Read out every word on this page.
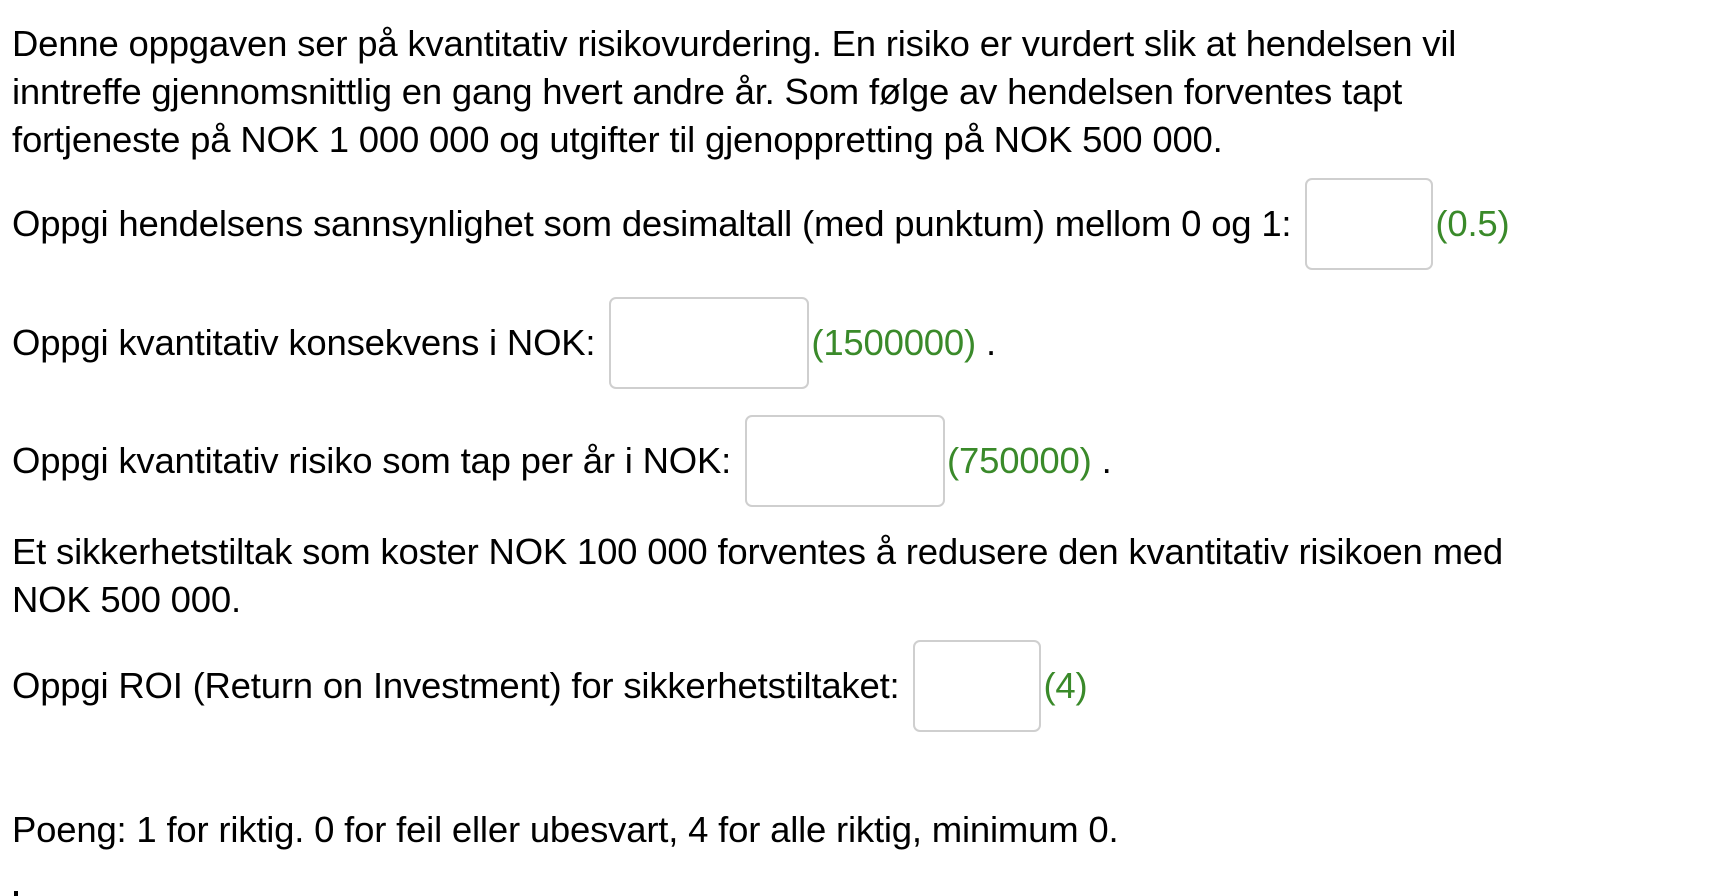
Denne oppgaven ser på kvantitativ risikovurdering. En risiko er vurdert slik at hendelsen vil
inntreffe gjennomsnittlig en gang hvert andre år. Som følge av hendelsen forventes tapt
fortjeneste på NOK 1 000 000 og utgifter til gjenoppretting på NOK 500 000.
Oppgi hendelsens sannsynlighet som desimaltall (med punktum) mellom 0 og 1:	(0.5)
Oppgi kvantitativ konsekvens i NOK:	(1500000) .
Oppgi kvantitativ risiko som tap per år i NOK:	(750000) .
Et sikkerhetstiltak som koster NOK 100 000 forventes å redusere den kvantitativ risikoen med
NOK 500 000.
Oppgi ROI (Return on Investment) for sikkerhetstiltaket:	(4)
Poeng: 1 for riktig. 0 for feil eller ubesvart, 4 for alle riktig, minimum 0.
